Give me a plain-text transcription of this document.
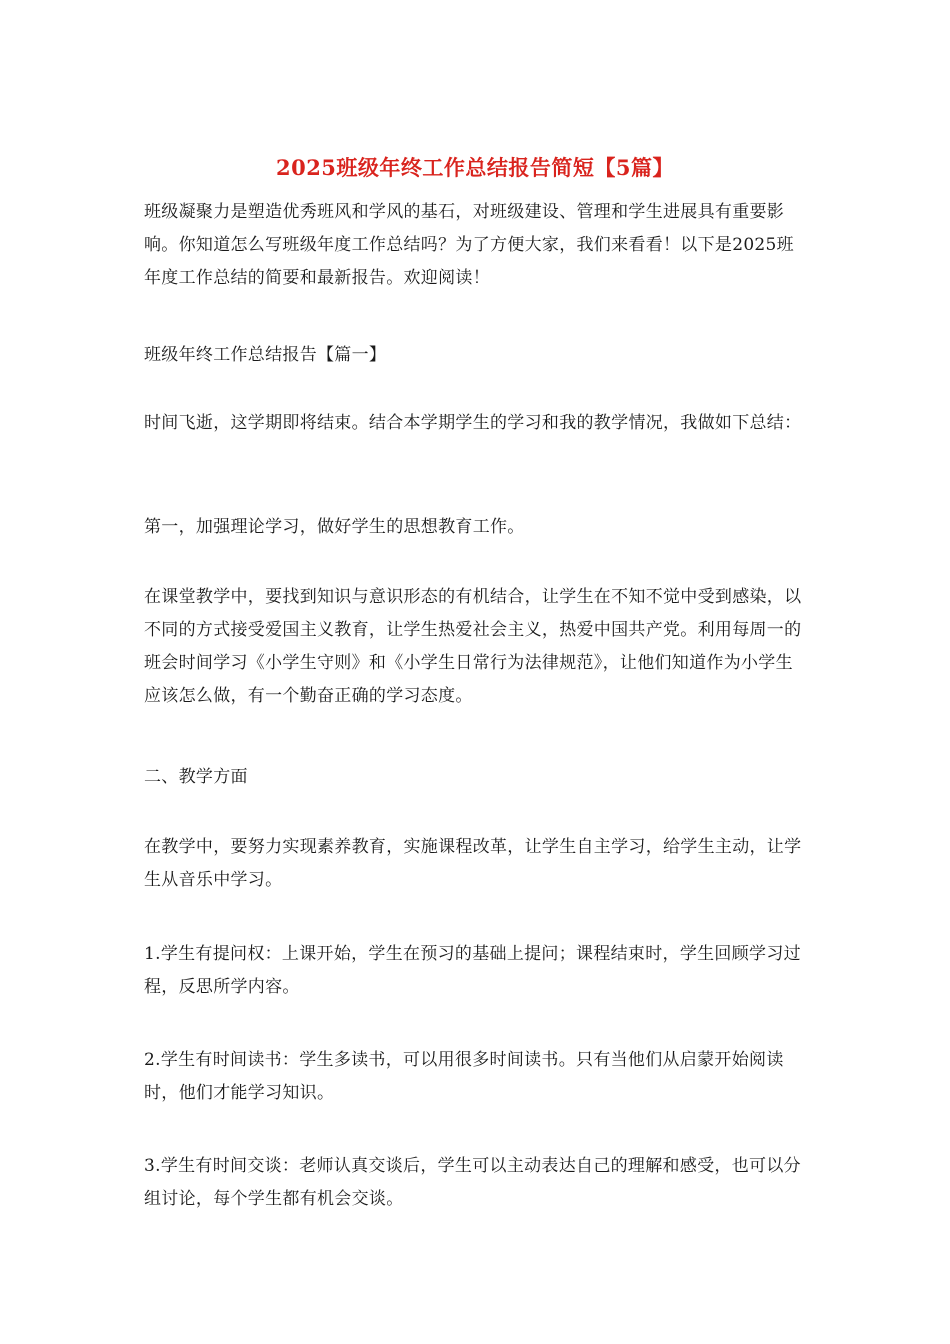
2025班级年终工作总结报告简短【5篇】

班级凝聚力是塑造优秀班风和学风的基石，对班级建设、管理和学生进展具有重要影响。你知道怎么写班级年度工作总结吗？为了方便大家，我们来看看！以下是2025班年度工作总结的简要和最新报告。欢迎阅读！

班级年终工作总结报告【篇一】

时间飞逝，这学期即将结束。结合本学期学生的学习和我的教学情况，我做如下总结：

第一，加强理论学习，做好学生的思想教育工作。

在课堂教学中，要找到知识与意识形态的有机结合，让学生在不知不觉中受到感染，以不同的方式接受爱国主义教育，让学生热爱社会主义，热爱中国共产党。利用每周一的班会时间学习《小学生守则》和《小学生日常行为法律规范》，让他们知道作为小学生应该怎么做，有一个勤奋正确的学习态度。

二、教学方面

在教学中，要努力实现素养教育，实施课程改革，让学生自主学习，给学生主动，让学生从音乐中学习。

1.学生有提问权：上课开始，学生在预习的基础上提问；课程结束时，学生回顾学习过程，反思所学内容。

2.学生有时间读书：学生多读书，可以用很多时间读书。只有当他们从启蒙开始阅读时，他们才能学习知识。

3.学生有时间交谈：老师认真交谈后，学生可以主动表达自己的理解和感受，也可以分组讨论，每个学生都有机会交谈。
